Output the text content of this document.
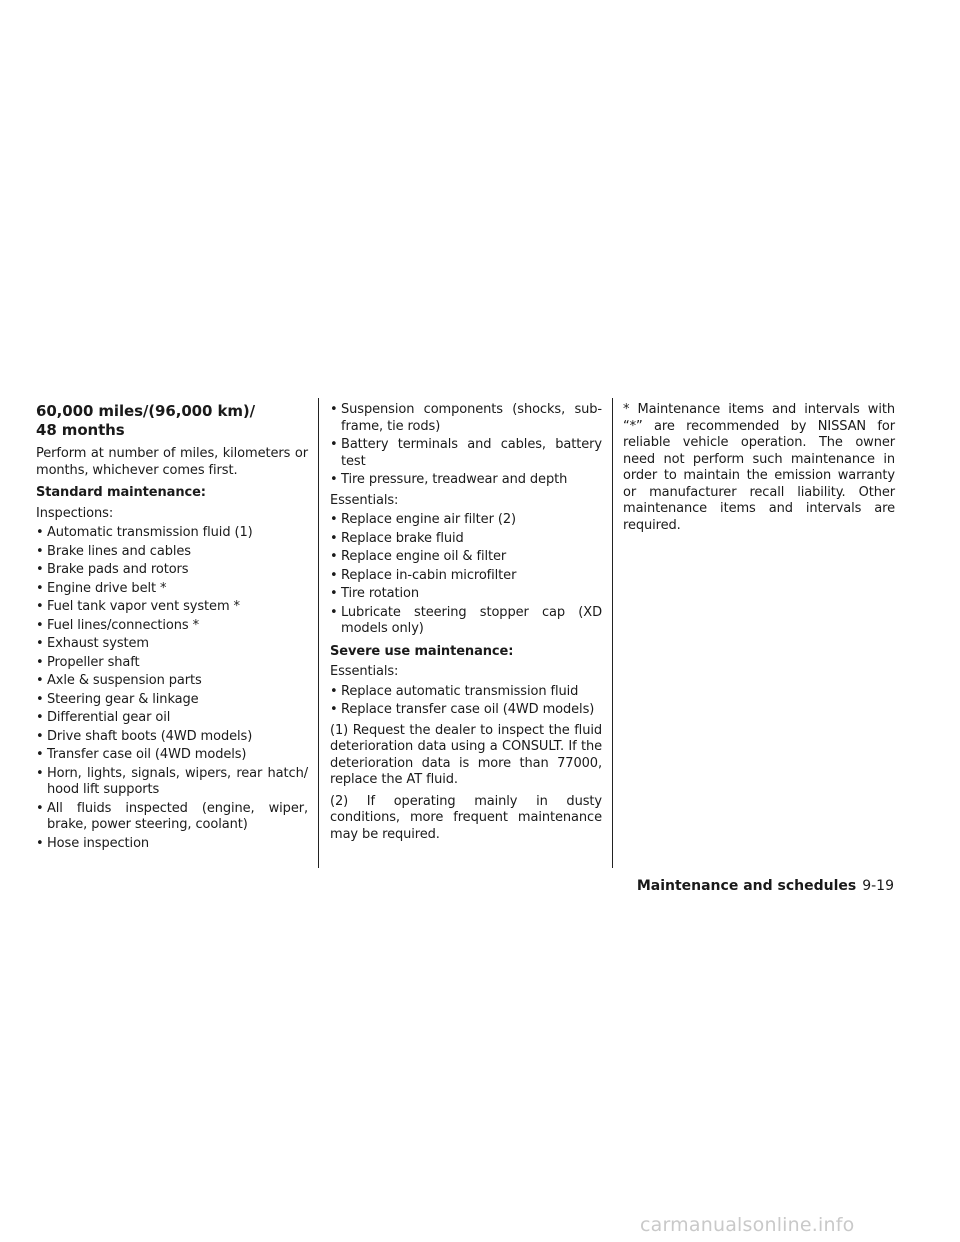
60,000 miles/(96,000 km)/
48 months

Perform at number of miles, kilometers or months, whichever comes first.

Standard maintenance:

Inspections:

• Automatic transmission fluid (1)
• Brake lines and cables
• Brake pads and rotors
• Engine drive belt *
• Fuel tank vapor vent system *
• Fuel lines/connections *
• Exhaust system
• Propeller shaft
• Axle & suspension parts
• Steering gear & linkage
• Differential gear oil
• Drive shaft boots (4WD models)
• Transfer case oil (4WD models)
• Horn, lights, signals, wipers, rear hatch/ hood lift supports
• All fluids inspected (engine, wiper, brake, power steering, coolant)
• Hose inspection
• Suspension components (shocks, sub-frame, tie rods)
• Battery terminals and cables, battery test
• Tire pressure, treadwear and depth

Essentials:

• Replace engine air filter (2)
• Replace brake fluid
• Replace engine oil & filter
• Replace in-cabin microfilter
• Tire rotation
• Lubricate steering stopper cap (XD models only)

Severe use maintenance:

Essentials:

• Replace automatic transmission fluid
• Replace transfer case oil (4WD models)

(1) Request the dealer to inspect the fluid deterioration data using a CONSULT. If the deterioration data is more than 77000, replace the AT fluid.

(2) If operating mainly in dusty conditions, more frequent maintenance may be required.

* Maintenance items and intervals with “*” are recommended by NISSAN for reliable vehicle operation. The owner need not perform such maintenance in order to maintain the emission warranty or manufacturer recall liability. Other maintenance items and intervals are required.

Maintenance and schedules 9-19
carmanualsonline.info
